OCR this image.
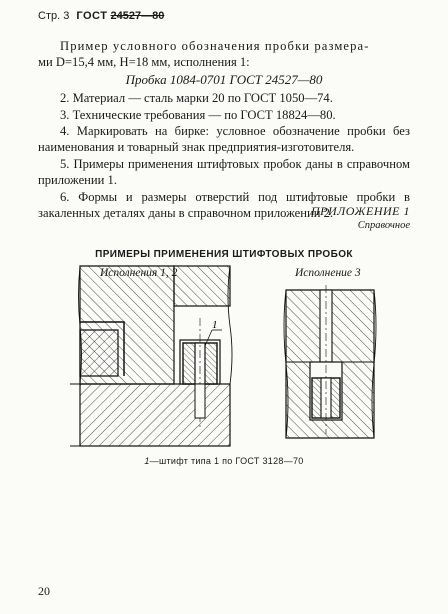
Стр. 3 ГОСТ 24527—80

Пример условного обозначения пробки размера-

ми D=15,4 мм, H=18 мм, исполнения 1:

Пробка 1084-0701 ГОСТ 24527—80

2. Материал — сталь марки 20 по ГОСТ 1050—74.

3. Технические требования — по ГОСТ 18824—80.

4. Маркировать на бирке: условное обозначение пробки без наименования и товарный знак предприятия-изготовителя.

5. Примеры применения штифтовых пробок даны в справочном приложении 1.

6. Формы и размеры отверстий под штифтовые пробки в закаленных деталях даны в справочном приложении 2.

ПРИЛОЖЕНИЕ 1
Справочное
ПРИМЕРЫ ПРИМЕНЕНИЯ ШТИФТОВЫХ ПРОБОК
Исполнение 3
1
1—штифт типа 1 по ГОСТ 3128—70
20
